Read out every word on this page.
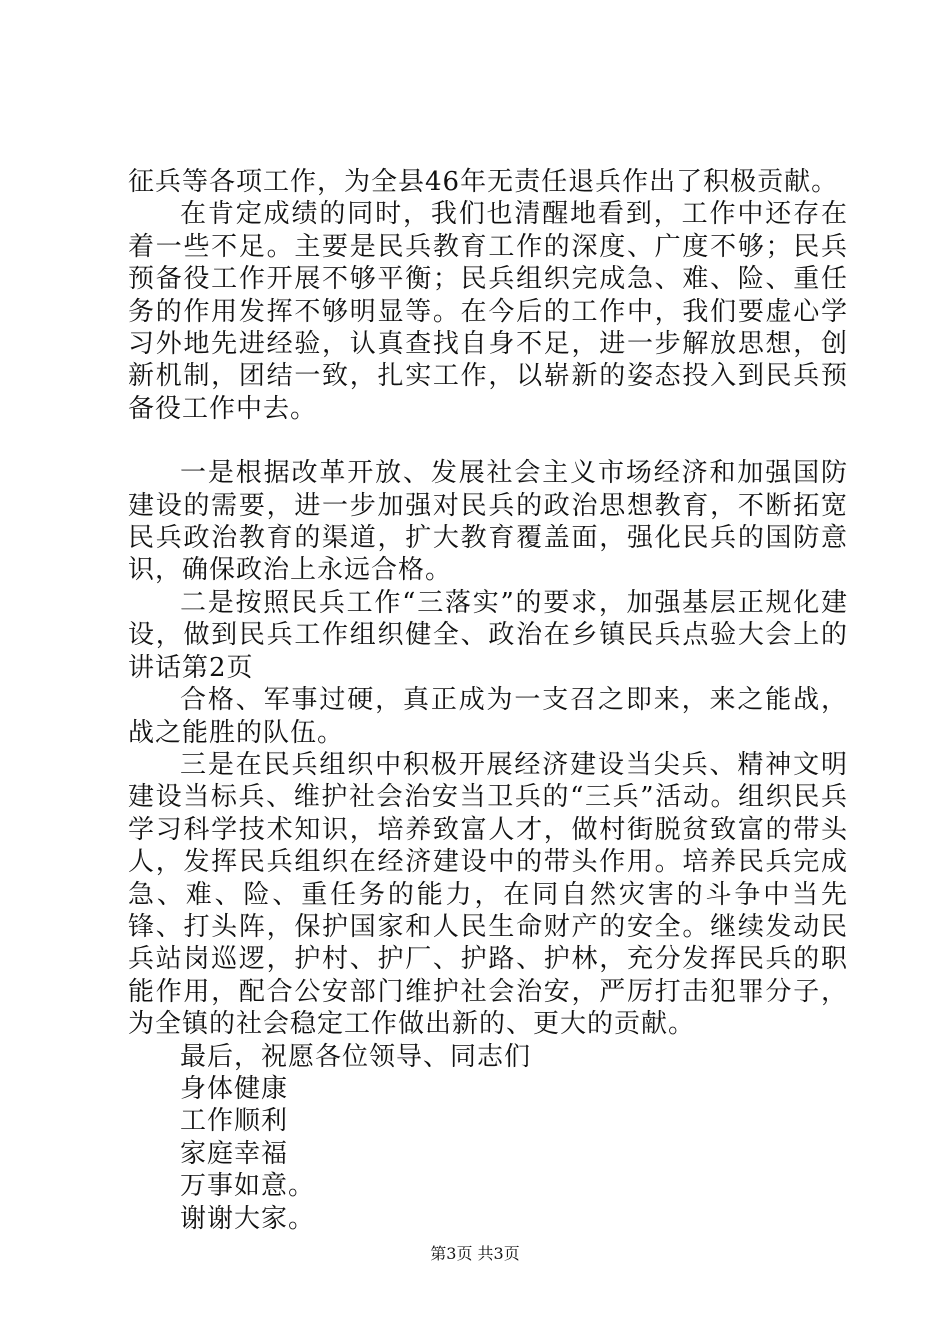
征兵等各项工作，为全县46年无责任退兵作出了积极贡献。

在肯定成绩的同时，我们也清醒地看到，工作中还存在着一些不足。主要是民兵教育工作的深度、广度不够；民兵预备役工作开展不够平衡；民兵组织完成急、难、险、重任务的作用发挥不够明显等。在今后的工作中，我们要虚心学习外地先进经验，认真查找自身不足，进一步解放思想，创新机制，团结一致，扎实工作，以崭新的姿态投入到民兵预备役工作中去。

一是根据改革开放、发展社会主义市场经济和加强国防建设的需要，进一步加强对民兵的政治思想教育，不断拓宽民兵政治教育的渠道，扩大教育覆盖面，强化民兵的国防意识，确保政治上永远合格。

二是按照民兵工作“三落实”的要求，加强基层正规化建设，做到民兵工作组织健全、政治在乡镇民兵点验大会上的讲话第2页

合格、军事过硬，真正成为一支召之即来，来之能战，战之能胜的队伍。

三是在民兵组织中积极开展经济建设当尖兵、精神文明建设当标兵、维护社会治安当卫兵的“三兵”活动。组织民兵学习科学技术知识，培养致富人才，做村街脱贫致富的带头人，发挥民兵组织在经济建设中的带头作用。培养民兵完成急、难、险、重任务的能力，在同自然灾害的斗争中当先锋、打头阵，保护国家和人民生命财产的安全。继续发动民兵站岗巡逻，护村、护厂、护路、护林，充分发挥民兵的职能作用，配合公安部门维护社会治安，严厉打击犯罪分子，为全镇的社会稳定工作做出新的、更大的贡献。

最后，祝愿各位领导、同志们

身体健康

工作顺利

家庭幸福

万事如意。

谢谢大家。

第3页 共3页
